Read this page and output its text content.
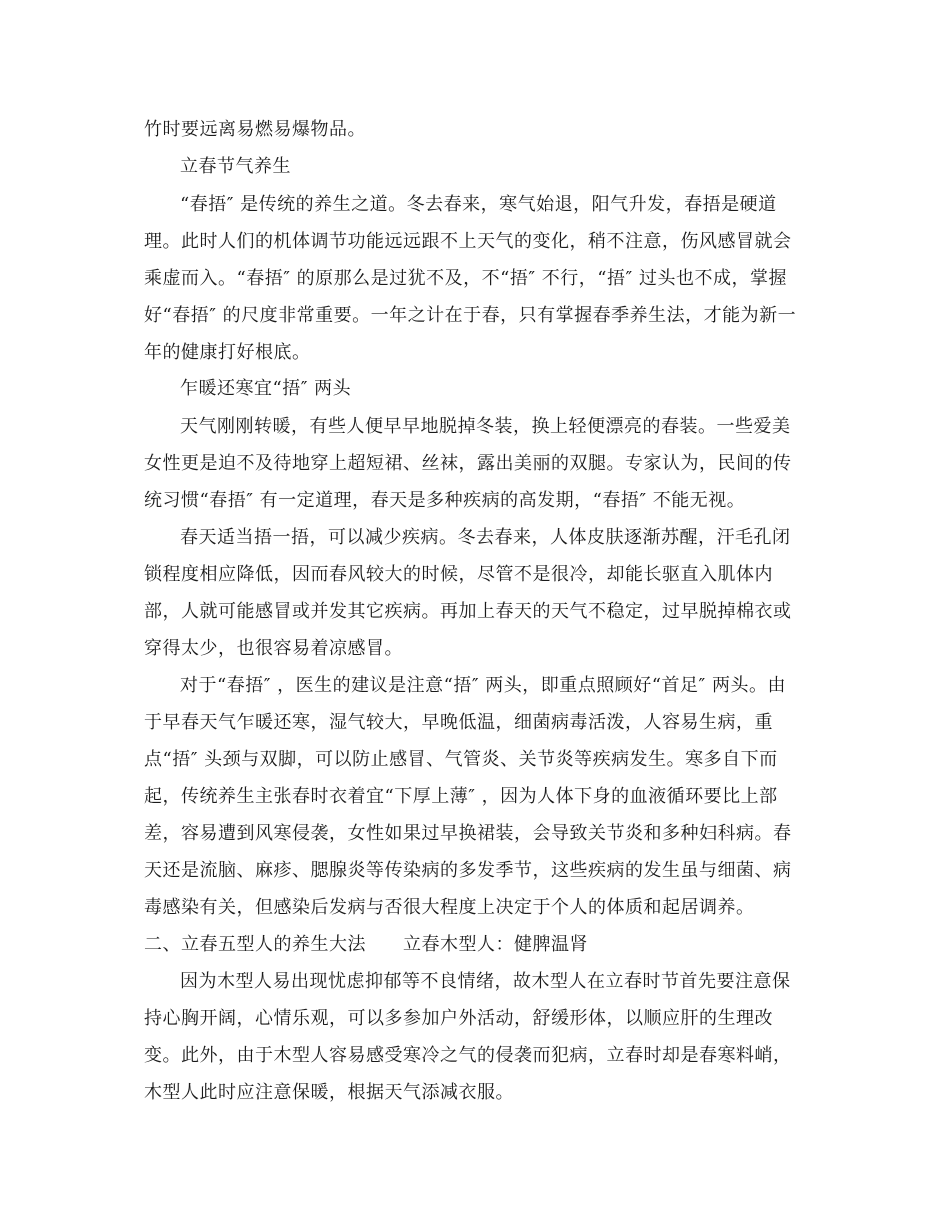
竹时要远离易燃易爆物品。
立春节气养生
“春捂″ 是传统的养生之道。冬去春来，寒气始退，阳气升发，春捂是硬道
理。此时人们的机体调节功能远远跟不上天气的变化，稍不注意，伤风感冒就会
乘虚而入。“春捂″ 的原那么是过犹不及，不“捂″ 不行，“捂″ 过头也不成，掌握
好“春捂″ 的尺度非常重要。一年之计在于春，只有掌握春季养生法，才能为新一
年的健康打好根底。
乍暖还寒宜“捂″ 两头
天气刚刚转暖，有些人便早早地脱掉冬装，换上轻便漂亮的春装。一些爱美
女性更是迫不及待地穿上超短裙、丝袜，露出美丽的双腿。专家认为，民间的传
统习惯“春捂″ 有一定道理，春天是多种疾病的高发期，“春捂″ 不能无视。
春天适当捂一捂，可以减少疾病。冬去春来，人体皮肤逐渐苏醒，汗毛孔闭
锁程度相应降低，因而春风较大的时候，尽管不是很冷，却能长驱直入肌体内
部，人就可能感冒或并发其它疾病。再加上春天的天气不稳定，过早脱掉棉衣或
穿得太少，也很容易着凉感冒。
对于“春捂″ ，医生的建议是注意“捂″ 两头，即重点照顾好“首足″ 两头。由
于早春天气乍暖还寒，湿气较大，早晚低温，细菌病毒活泼，人容易生病，重
点“捂″ 头颈与双脚，可以防止感冒、气管炎、关节炎等疾病发生。寒多自下而
起，传统养生主张春时衣着宜“下厚上薄″ ，因为人体下身的血液循环要比上部
差，容易遭到风寒侵袭，女性如果过早换裙装，会导致关节炎和多种妇科病。春
天还是流脑、麻疹、腮腺炎等传染病的多发季节，这些疾病的发生虽与细菌、病
毒感染有关，但感染后发病与否很大程度上决定于个人的体质和起居调养。
二、立春五型人的养生大法　　立春木型人：健脾温肾
因为木型人易出现忧虑抑郁等不良情绪，故木型人在立春时节首先要注意保
持心胸开阔，心情乐观，可以多参加户外活动，舒缓形体，以顺应肝的生理改
变。此外，由于木型人容易感受寒冷之气的侵袭而犯病，立春时却是春寒料峭，
木型人此时应注意保暖，根据天气添减衣服。
